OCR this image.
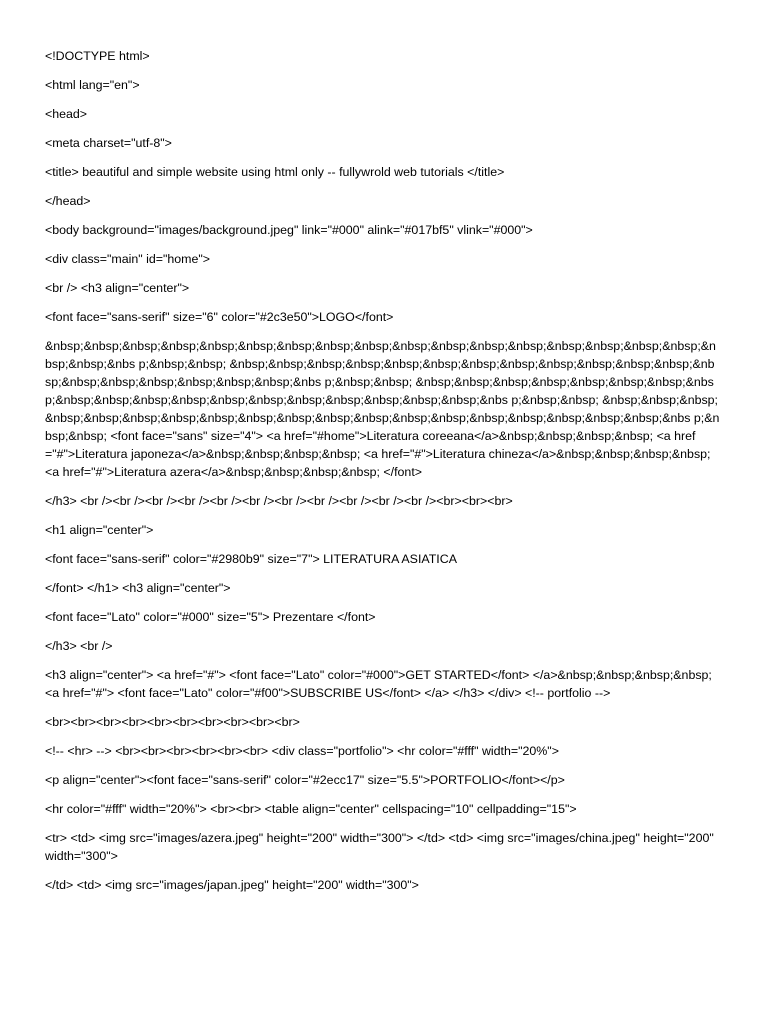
<!DOCTYPE html>

<html lang="en">

<head>

<meta charset="utf-8">

<title> beautiful and simple website using html only -- fullywrold web tutorials </title>

</head>

<body background="images/background.jpeg" link="#000" alink="#017bf5" vlink="#000">

<div class="main" id="home">

<br /> <h3 align="center">

<font face="sans-serif" size="6" color="#2c3e50">LOGO</font>

&nbsp;&nbsp;&nbsp;&nbsp;&nbsp;&nbsp;&nbsp;&nbsp;&nbsp;&nbsp;&nbsp;&nbsp;&nbsp;&nbsp;&nbsp;&nbsp;&nbsp;&nbsp;&nbsp;&nbs p;&nbsp;&nbsp; &nbsp;&nbsp;&nbsp;&nbsp;&nbsp;&nbsp;&nbsp;&nbsp;&nbsp;&nbsp;&nbsp;&nbsp;&nbsp;&nbsp;&nbsp;&nbsp;&nbsp;&nbsp;&nbsp;&nbs p;&nbsp;&nbsp; &nbsp;&nbsp;&nbsp;&nbsp;&nbsp;&nbsp;&nbsp;&nbsp;&nbsp;&nbsp;&nbsp;&nbsp;&nbsp;&nbsp;&nbsp;&nbsp;&nbsp;&nbsp;&nbsp;&nbs p;&nbsp;&nbsp; &nbsp;&nbsp;&nbsp;&nbsp;&nbsp;&nbsp;&nbsp;&nbsp;&nbsp;&nbsp;&nbsp;&nbsp;&nbsp;&nbsp;&nbsp;&nbsp;&nbsp;&nbsp;&nbsp;&nbs p;&nbsp;&nbsp; <font face="sans" size="4"> <a href="#home">Literatura coreeana</a>&nbsp;&nbsp;&nbsp;&nbsp; <a href="#">Literatura japoneza</a>&nbsp;&nbsp;&nbsp;&nbsp; <a href="#">Literatura chineza</a>&nbsp;&nbsp;&nbsp;&nbsp; <a href="#">Literatura azera</a>&nbsp;&nbsp;&nbsp;&nbsp; </font>

</h3> <br /><br /><br /><br /><br /><br /><br /><br /><br /><br /><br /><br><br><br>

<h1 align="center">

<font face="sans-serif" color="#2980b9" size="7"> LITERATURA ASIATICA

</font> </h1> <h3 align="center">

<font face="Lato" color="#000" size="5"> Prezentare </font>

</h3> <br />

<h3 align="center"> <a href="#"> <font face="Lato" color="#000">GET STARTED</font> </a>&nbsp;&nbsp;&nbsp;&nbsp; <a href="#"> <font face="Lato" color="#f00">SUBSCRIBE US</font> </a> </h3> </div> <!-- portfolio -->

<br><br><br><br><br><br><br><br><br><br>

<!-- <hr> --> <br><br><br><br><br><br> <div class="portfolio"> <hr color="#fff" width="20%">

<p align="center"><font face="sans-serif" color="#2ecc17" size="5.5">PORTFOLIO</font></p>

<hr color="#fff" width="20%"> <br><br> <table align="center" cellspacing="10" cellpadding="15">

<tr> <td> <img src="images/azera.jpeg" height="200" width="300"> </td> <td> <img src="images/china.jpeg" height="200" width="300">

</td> <td> <img src="images/japan.jpeg" height="200" width="300">
